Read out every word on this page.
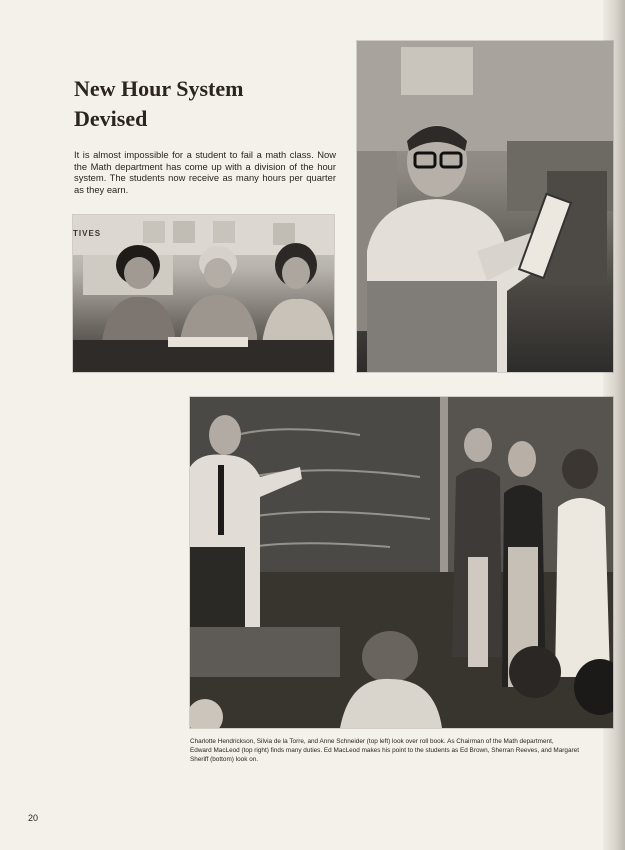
New Hour System
Devised

It is almost impossible for a student to fail a math class. Now the Math department has come up with a division of the hour system. The students now receive as many hours per quarter as they earn.

TIVES

Charlotte Hendrickson, Silvia de la Torre, and Anne Schneider (top left) look over roll book. As Chairman of the Math department,
Edward MacLeod (top right) finds many duties. Ed MacLeod makes his point to the students as Ed Brown, Sherran Reeves, and Margaret
Sheriff (bottom) look on.

20
